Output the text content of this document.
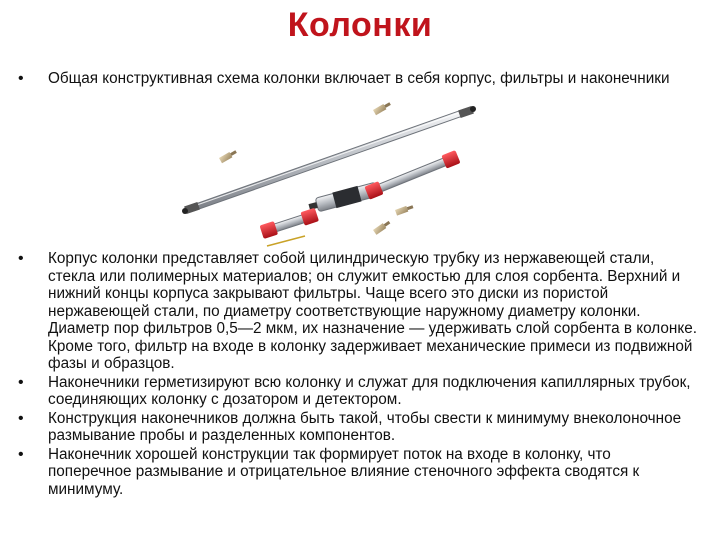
Колонки
• Общая конструктивная схема колонки включает в себя корпус, фильтры и наконечники
• Корпус колонки представляет собой цилиндрическую трубку из нержавеющей стали, стекла или полимерных материалов; он служит емкостью для слоя сорбента. Верхний и нижний концы корпуса закрывают фильтры. Чаще всего это диски из пористой нержавеющей стали, по диаметру соответствующие наружному диаметру колонки. Диаметр пор фильтров 0,5—2 мкм, их назначение — удерживать слой сорбента в колонке. Кроме того, фильтр на входе в колонку задерживает механические примеси из подвижной фазы и образцов.
• Наконечники герметизируют всю колонку и служат для подключения капиллярных трубок, соединяющих колонку с дозатором и детектором.
• Конструкция наконечников должна быть такой, чтобы свести к минимуму внеколоночное размывание пробы и разделенных компонентов.
• Наконечник хорошей конструкции так формирует поток на входе в колонку, что поперечное размывание и отрицательное влияние стеночного эффекта сводятся к минимуму.
